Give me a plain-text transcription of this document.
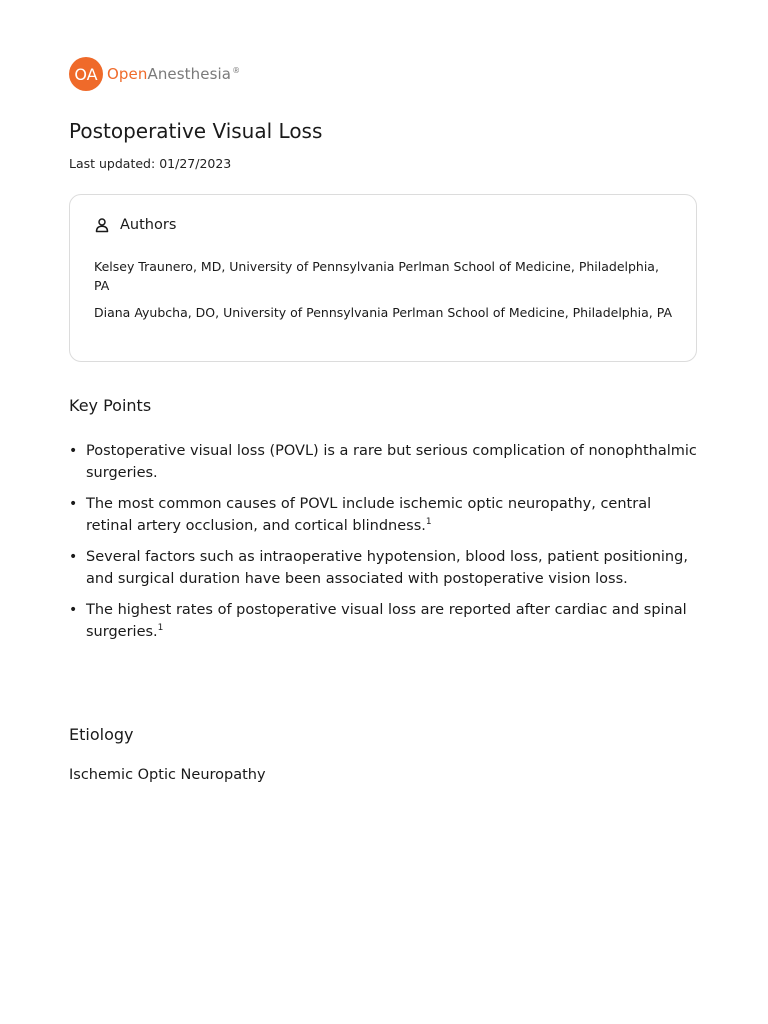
OA OpenAnesthesia®
Postoperative Visual Loss
Last updated: 01/27/2023
Authors
Kelsey Traunero, MD, University of Pennsylvania Perlman School of Medicine, Philadelphia, PA
Diana Ayubcha, DO, University of Pennsylvania Perlman School of Medicine, Philadelphia, PA
Key Points
• Postoperative visual loss (POVL) is a rare but serious complication of nonophthalmic surgeries.
• The most common causes of POVL include ischemic optic neuropathy, central retinal artery occlusion, and cortical blindness.$^1$
• Several factors such as intraoperative hypotension, blood loss, patient positioning, and surgical duration have been associated with postoperative vision loss.
• The highest rates of postoperative visual loss are reported after cardiac and spinal surgeries.$^1$
Etiology
Ischemic Optic Neuropathy
